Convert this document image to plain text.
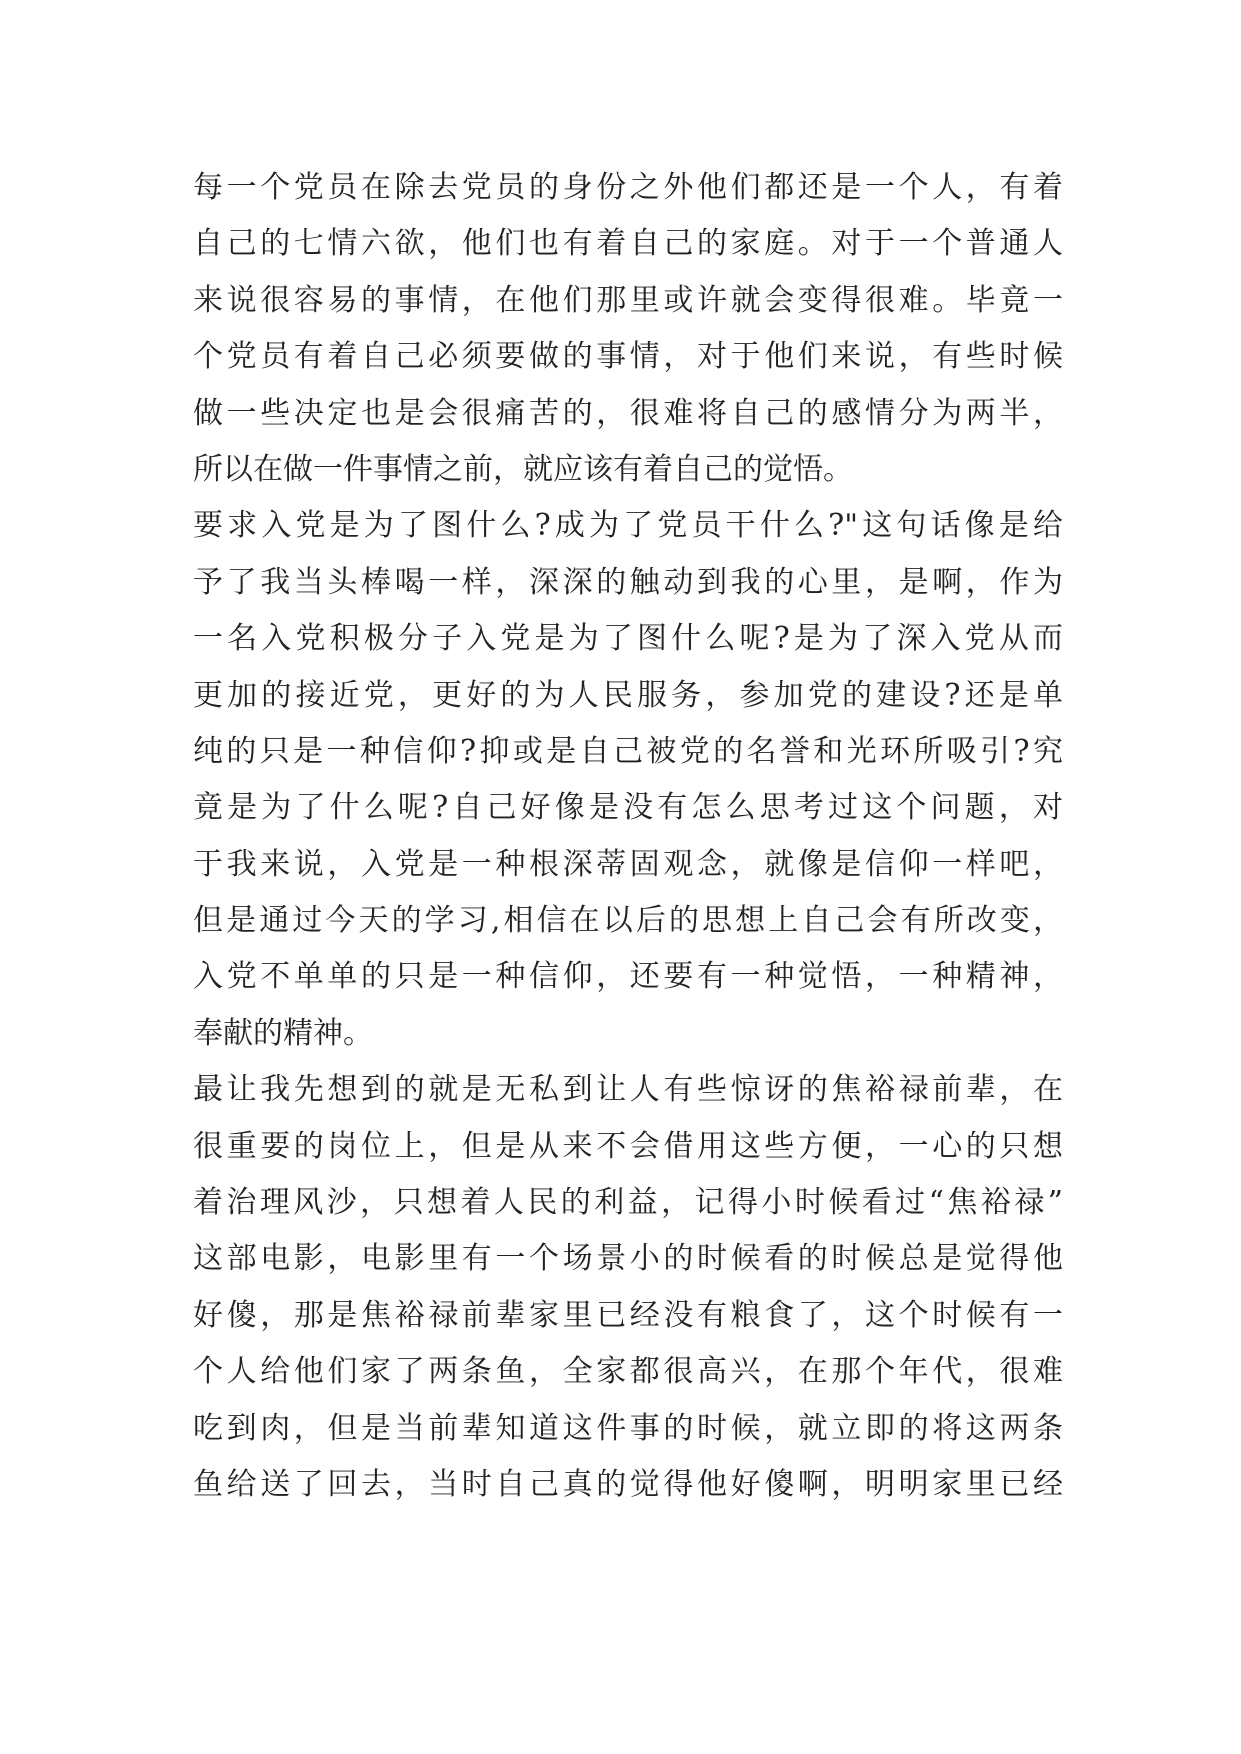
每一个党员在除去党员的身份之外他们都还是一个人，有着
自己的七情六欲，他们也有着自己的家庭。对于一个普通人
来说很容易的事情，在他们那里或许就会变得很难。毕竟一
个党员有着自己必须要做的事情，对于他们来说，有些时候
做一些决定也是会很痛苦的，很难将自己的感情分为两半，
所以在做一件事情之前，就应该有着自己的觉悟。
要求入党是为了图什么?成为了党员干什么?"这句话像是给
予了我当头棒喝一样，深深的触动到我的心里，是啊，作为
一名入党积极分子入党是为了图什么呢?是为了深入党从而
更加的接近党，更好的为人民服务，参加党的建设?还是单
纯的只是一种信仰?抑或是自己被党的名誉和光环所吸引?究
竟是为了什么呢?自己好像是没有怎么思考过这个问题，对
于我来说，入党是一种根深蒂固观念，就像是信仰一样吧，
但是通过今天的学习,相信在以后的思想上自己会有所改变，
入党不单单的只是一种信仰，还要有一种觉悟，一种精神，
奉献的精神。
最让我先想到的就是无私到让人有些惊讶的焦裕禄前辈，在
很重要的岗位上，但是从来不会借用这些方便，一心的只想
着治理风沙，只想着人民的利益，记得小时候看过“焦裕禄”
这部电影，电影里有一个场景小的时候看的时候总是觉得他
好傻，那是焦裕禄前辈家里已经没有粮食了，这个时候有一
个人给他们家了两条鱼，全家都很高兴，在那个年代，很难
吃到肉，但是当前辈知道这件事的时候，就立即的将这两条
鱼给送了回去，当时自己真的觉得他好傻啊，明明家里已经
